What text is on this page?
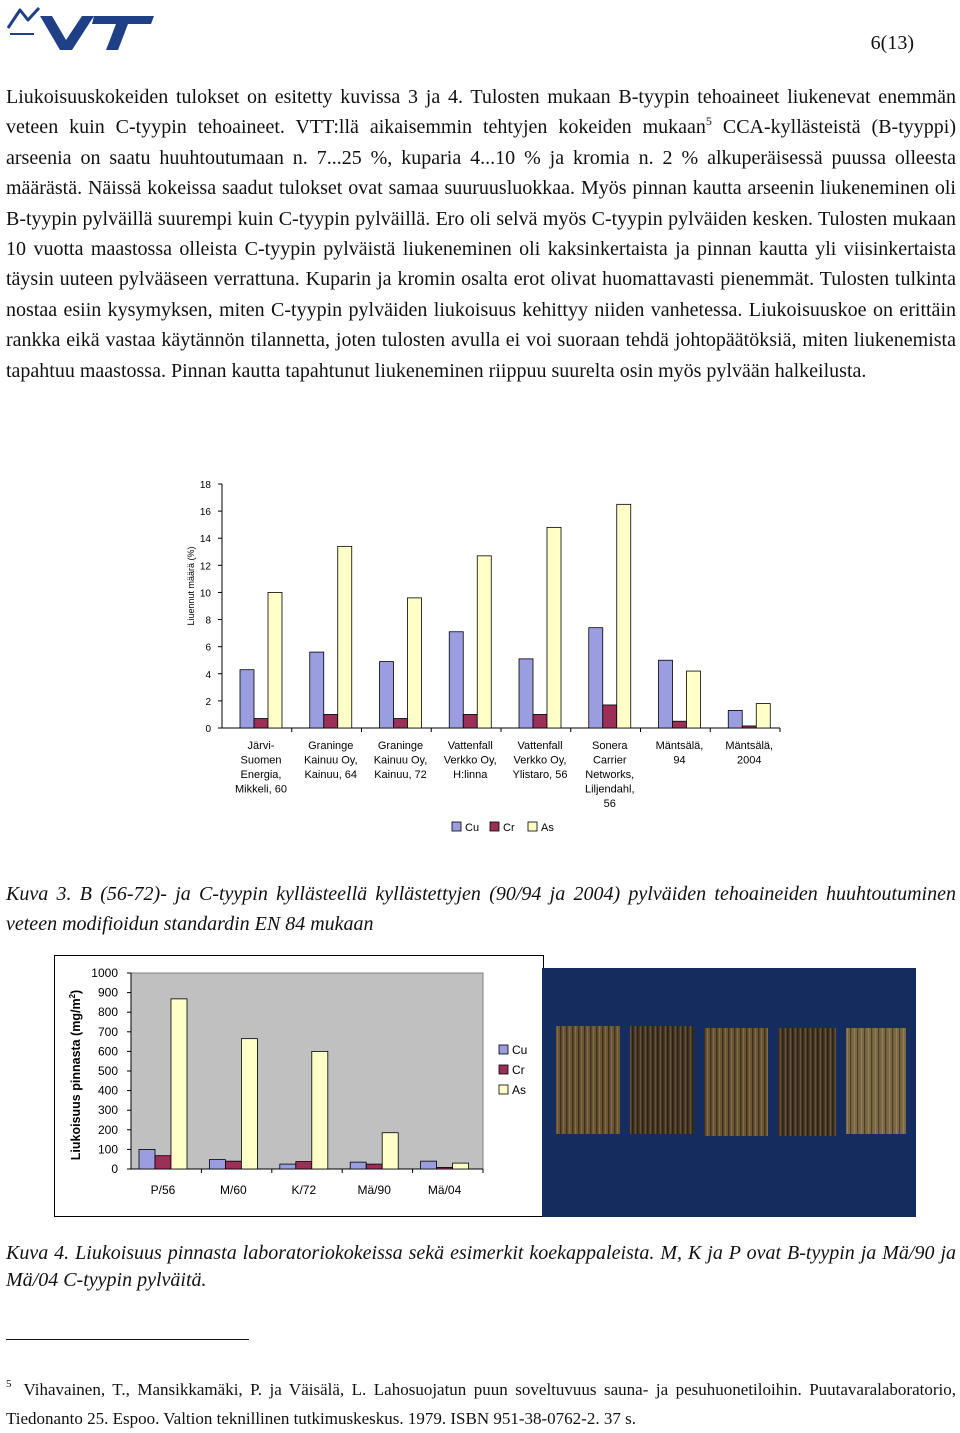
6(13)

Liukoisuuskokeiden tulokset on esitetty kuvissa 3 ja 4. Tulosten mukaan B-tyypin tehoaineet liukenevat enemmän veteen kuin C-tyypin tehoaineet. VTT:llä aikaisemmin tehtyjen kokeiden mukaan$^5$ CCA-kyllästeistä (B-tyyppi) arseenia on saatu huuhtoutumaan n. 7...25 %, kuparia 4...10 % ja kromia n. 2 % alkuperäisessä puussa olleesta määrästä. Näissä kokeissa saadut tulokset ovat samaa suuruusluokkaa. Myös pinnan kautta arseenin liukeneminen oli B-tyypin pylväillä suurempi kuin C-tyypin pylväillä. Ero oli selvä myös C-tyypin pylväiden kesken. Tulosten mukaan 10 vuotta maastossa olleista C-tyypin pylväistä liukeneminen oli kaksinkertaista ja pinnan kautta yli viisinkertaista täysin uuteen pylvääseen verrattuna. Kuparin ja kromin osalta erot olivat huomattavasti pienemmät. Tulosten tulkinta nostaa esiin kysymyksen, miten C-tyypin pylväiden liukoisuus kehittyy niiden vanhetessa. Liukoisuuskoe on erittäin rankka eikä vastaa käytännön tilannetta, joten tulosten avulla ei voi suoraan tehdä johtopäätöksiä, miten liukenemista tapahtuu maastossa. Pinnan kautta tapahtunut liukeneminen riippuu suurelta osin myös pylvään halkeilusta.

0
2
4
6
8
10
12
14
16
18
Liuennut määrä (%)
Järvi-
Suomen
Energia,
Mikkeli, 60
Graninge
Kainuu Oy,
Kainuu, 64
Graninge
Kainuu Oy,
Kainuu, 72
Vattenfall
Verkko Oy,
H:linna
Vattenfall
Verkko Oy,
Ylistaro, 56
Sonera
Carrier
Networks,
Liljendahl,
56
Mäntsälä,
94
Mäntsälä,
2004
Cu Cr As

Kuva 3. B (56-72)- ja C-tyypin kyllästeellä kyllästettyjen (90/94 ja 2004) pylväiden tehoaineiden huuhtoutuminen veteen modifioidun standardin EN 84 mukaan

0
100
200
300
400
500
600
700
800
900
1000
Liukoisuus pinnasta $(mg/m^2)$
P/56	M/60	K/72	Mä/90	Mä/04
Cu
Cr
As

Kuva 4. Liukoisuus pinnasta laboratoriokokeissa sekä esimerkit koekappaleista. M, K ja P ovat B-tyypin ja Mä/90 ja Mä/04 C-tyypin pylväitä.

$^5$ Vihavainen, T., Mansikkamäki, P. ja Väisälä, L. Lahosuojatun puun soveltuvuus sauna- ja pesuhuonetiloihin. Puutavaralaboratorio, Tiedonanto 25. Espoo. Valtion teknillinen tutkimuskeskus. 1979. ISBN 951-38-0762-2. 37 s.
